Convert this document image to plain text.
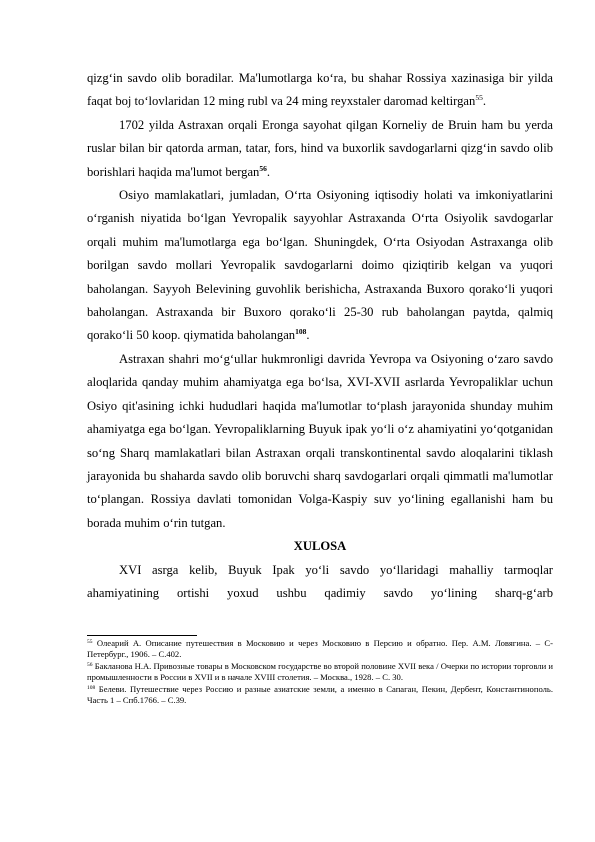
qizg‘in savdo olib boradilar. Ma'lumotlarga ko‘ra, bu shahar Rossiya xazinasiga bir yilda faqat boj to‘lovlaridan 12 ming rubl va 24 ming reyxstaler daromad keltirgan$^{55}$.

1702 yilda Astraxan orqali Eronga sayohat qilgan Korneliy de Bruin ham bu yerda ruslar bilan bir qatorda arman, tatar, fors, hind va buxorlik savdogarlarni qizg‘in savdo olib borishlari haqida ma'lumot bergan$^{56}$.

Osiyo mamlakatlari, jumladan, O‘rta Osiyoning iqtisodiy holati va imkoniyatlarini o‘rganish niyatida bo‘lgan Yevropalik sayyohlar Astraxanda O‘rta Osiyolik savdogarlar orqali muhim ma'lumotlarga ega bo‘lgan. Shuningdek, O‘rta Osiyodan Astraxanga olib borilgan savdo mollari Yevropalik savdogarlarni doimo qiziqtirib kelgan va yuqori baholangan. Sayyoh Belevining guvohlik berishicha, Astraxanda Buxoro qorako‘li yuqori baholangan. Astraxanda bir Buxoro qorako‘li 25-30 rub baholangan paytda, qalmiq qorako‘li 50 koop. qiymatida baholangan$^{108}$.

Astraxan shahri mo‘g‘ullar hukmronligi davrida Yevropa va Osiyoning o‘zaro savdo aloqlarida qanday muhim ahamiyatga ega bo‘lsa, XVI-XVII asrlarda Yevropaliklar uchun Osiyo qit'asining ichki hududlari haqida ma'lumotlar to‘plash jarayonida shunday muhim ahamiyatga ega bo‘lgan. Yevropaliklarning Buyuk ipak yo‘li o‘z ahamiyatini yo‘qotganidan so‘ng Sharq mamlakatlari bilan Astraxan orqali transkontinental savdo aloqalarini tiklash jarayonida bu shaharda savdo olib boruvchi sharq savdogarlari orqali qimmatli ma'lumotlar to‘plangan. Rossiya davlati tomonidan Volga-Kaspiy suv yo‘lining egallanishi ham bu borada muhim o‘rin tutgan.

XULOSA

XVI asrga kelib, Buyuk Ipak yo‘li savdo yo‘llaridagi mahalliy tarmoqlar ahamiyatining ortishi yoxud ushbu qadimiy savdo yo‘lining sharq-g‘arb

$^{55}$ Олеарий А. Описание путешествия в Московию и через Московию в Персию и обратно. Пер. А.М. Ловягина. – С-Петербург., 1906. – С.402.

$^{56}$ Бакланова Н.А. Привозные товары в Московском государстве во второй половине XVII века / Очерки по истории торговли и промышленности в России в XVII и в начале XVIII столетия. – Москва., 1928. – С. 30.

$^{108}$ Белеви. Путешествие через Россию и разные азиатские земли, а именно в Сапаган, Пекин, Дербент, Константинополь. Часть 1 – Спб.1766. – С.39.
